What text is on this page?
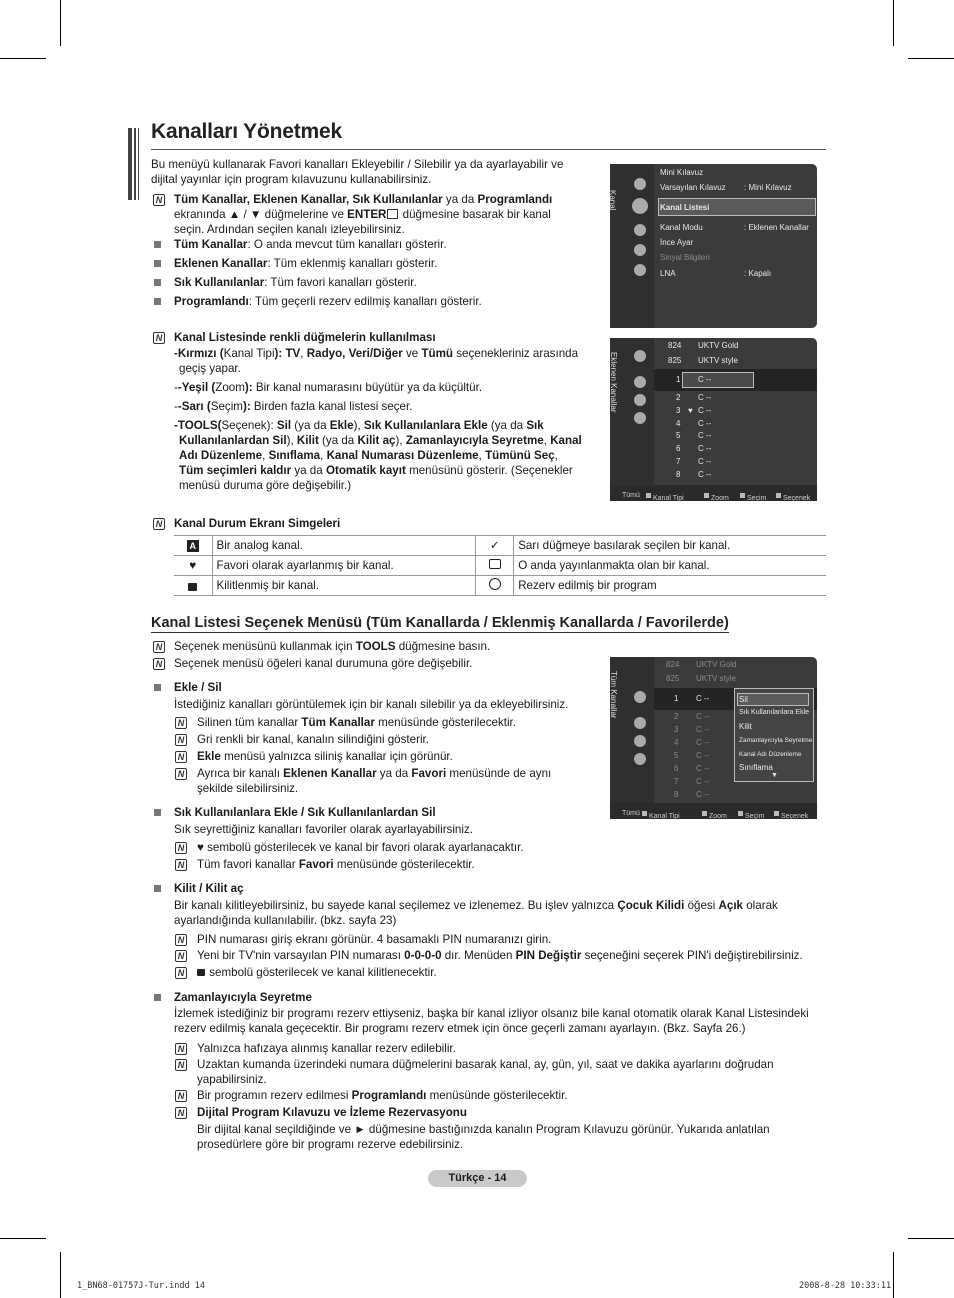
Kanalları Yönetmek
Bu menüyü kullanarak Favori kanalları Ekleyebilir / Silebilir ya da ayarlayabilir ve dijital yayınlar için program kılavuzunu kullanabilirsiniz.
N Tüm Kanallar, Eklenen Kanallar, Sık Kullanılanlar ya da Programlandı
ekranında ▲ / ▼ düğmelerine ve ENTER düğmesine basarak bir kanal
seçin. Ardından seçilen kanalı izleyebilirsiniz.
Tüm Kanallar: O anda mevcut tüm kanalları gösterir.
Eklenen Kanallar: Tüm eklenmiş kanalları gösterir.
Sık Kullanılanlar: Tüm favori kanalları gösterir.
Programlandı: Tüm geçerli rezerv edilmiş kanalları gösterir.
N Kanal Listesinde renkli düğmelerin kullanılması
-Kırmızı (Kanal Tipi): TV, Radyo, Veri/Diğer ve Tümü seçenekleriniz arasında
geçiş yapar.
--Yeşil (Zoom): Bir kanal numarasını büyütür ya da küçültür.
--Sarı (Seçim): Birden fazla kanal listesi seçer.
-TOOLS(Seçenek): Sil (ya da Ekle), Sık Kullanılanlara Ekle (ya da Sık
Kullanılanlardan Sil), Kilit (ya da Kilit aç), Zamanlayıcıyla Seyretme, Kanal
Adı Düzenleme, Sınıflama, Kanal Numarası Düzenleme, Tümünü Seç,
Tüm seçimleri kaldır ya da Otomatik kayıt menüsünü gösterir. (Seçenekler
menüsü duruma göre değişebilir.)
Kanal
Mini Kılavuz
Varsayılan Kılavuz : Mini Kılavuz
Kanal Listesi
Kanal Modu	: Eklenen Kanallar
İnce Ayar
Sinyal Bilgileri
LNA	: Kapalı
Eklenen Kanallar
824 UKTV Gold
825 UKTV style
1 C --
2 C --
3 ♥ C --
4 C --
5 C --
6 C --
7 C --
8 C --
Tümü Kanal Tipi	Zoom	Seçim Seçenek
N Kanal Durum Ekranı Simgeleri
A	Bir analog kanal.	✓	Sarı düğmeye basılarak seçilen bir kanal.
♥	Favori olarak ayarlanmış bir kanal.		O anda yayınlanmakta olan bir kanal.
	Kilitlenmiş bir kanal.		Rezerv edilmiş bir program
Kanal Listesi Seçenek Menüsü (Tüm Kanallarda / Eklenmiş Kanallarda / Favorilerde)
N Seçenek menüsünü kullanmak için TOOLS düğmesine basın.
N Seçenek menüsü öğeleri kanal durumuna göre değişebilir.
Ekle / Sil
İstediğiniz kanalları görüntülemek için bir kanalı silebilir ya da ekleyebilirsiniz.
N Silinen tüm kanallar Tüm Kanallar menüsünde gösterilecektir.
N Gri renkli bir kanal, kanalın silindiğini gösterir.
N Ekle menüsü yalnızca siliniş kanallar için görünür.
N Ayrıca bir kanalı Eklenen Kanallar ya da Favori menüsünde de aynı
şekilde silebilirsiniz.
Tüm Kanallar
824 UKTV Gold
825 UKTV style
1 C --
2 C --
3 C --
4 C --
5 C --
6 C --
7 C --
8 C --
Sil
Sık Kullanılanlara Ekle
Kilit
Zamanlayıcıyla Seyretme
Kanal Adı Düzenleme
Sınıflama
▼
Tümü Kanal Tipi	Zoom	Seçim Seçenek
Sık Kullanılanlara Ekle / Sık Kullanılanlardan Sil
Sık seyrettiğiniz kanalları favoriler olarak ayarlayabilirsiniz.
N ♥ sembolü gösterilecek ve kanal bir favori olarak ayarlanacaktır.
N Tüm favori kanallar Favori menüsünde gösterilecektir.
Kilit / Kilit aç
Bir kanalı kilitleyebilirsiniz, bu sayede kanal seçilemez ve izlenemez. Bu işlev yalnızca Çocuk Kilidi öğesi Açık olarak
ayarlandığında kullanılabilir. (bkz. sayfa 23)
N PIN numarası giriş ekranı görünür. 4 basamaklı PIN numaranızı girin.
N Yeni bir TV'nin varsayılan PIN numarası 0-0-0-0 dır. Menüden PIN Değiştir seçeneğini seçerek PIN'i değiştirebilirsiniz.
N	sembolü gösterilecek ve kanal kilitlenecektir.
Zamanlayıcıyla Seyretme
İzlemek istediğiniz bir programı rezerv ettiyseniz, başka bir kanal izliyor olsanız bile kanal otomatik olarak Kanal Listesindeki
rezerv edilmiş kanala geçecektir. Bir programı rezerv etmek için önce geçerli zamanı ayarlayın. (Bkz. Sayfa 26.)
N Yalnızca hafızaya alınmış kanallar rezerv edilebilir.
N Uzaktan kumanda üzerindeki numara düğmelerini basarak kanal, ay, gün, yıl, saat ve dakika ayarlarını doğrudan
yapabilirsiniz.
N Bir programın rezerv edilmesi Programlandı menüsünde gösterilecektir.
N Dijital Program Kılavuzu ve İzleme Rezervasyonu
Bir dijital kanal seçildiğinde ve ► düğmesine bastığınızda kanalın Program Kılavuzu görünür. Yukarıda anlatılan
prosedürlere göre bir programı rezerve edebilirsiniz.
Türkçe - 14
1_BN68-01757J-Tur.indd 14	2008-8-28 10:33:11
